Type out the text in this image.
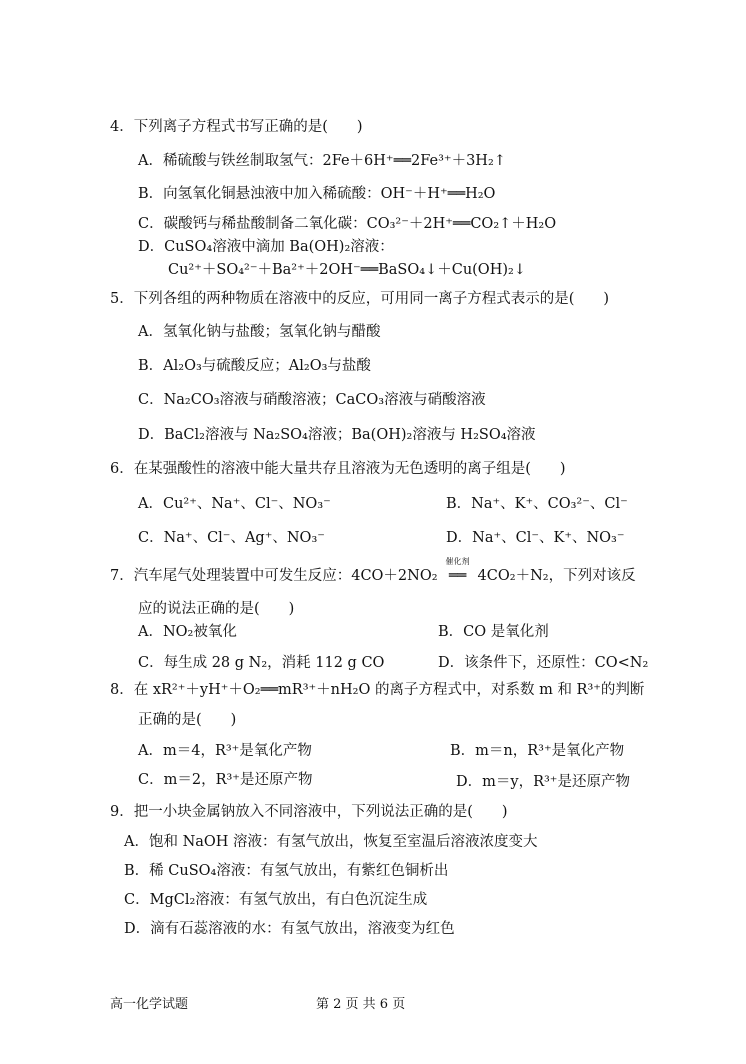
4．下列离子方程式书写正确的是(　　)
A．稀硫酸与铁丝制取氢气：2Fe＋6H⁺══2Fe³⁺＋3H₂↑
B．向氢氧化铜悬浊液中加入稀硫酸：OH⁻＋H⁺══H₂O
C．碳酸钙与稀盐酸制备二氧化碳：CO₃²⁻＋2H⁺══CO₂↑＋H₂O
D．CuSO₄溶液中滴加 Ba(OH)₂溶液：
Cu²⁺＋SO₄²⁻＋Ba²⁺＋2OH⁻══BaSO₄↓＋Cu(OH)₂↓
5．下列各组的两种物质在溶液中的反应，可用同一离子方程式表示的是(　　)
A．氢氧化钠与盐酸；氢氧化钠与醋酸
B．Al₂O₃与硫酸反应；Al₂O₃与盐酸
C．Na₂CO₃溶液与硝酸溶液；CaCO₃溶液与硝酸溶液
D．BaCl₂溶液与 Na₂SO₄溶液；Ba(OH)₂溶液与 H₂SO₄溶液
6．在某强酸性的溶液中能大量共存且溶液为无色透明的离子组是(　　)
A．Cu²⁺、Na⁺、Cl⁻、NO₃⁻	B．Na⁺、K⁺、CO₃²⁻、Cl⁻
C．Na⁺、Cl⁻、Ag⁺、NO₃⁻	D．Na⁺、Cl⁻、K⁺、NO₃⁻
7．汽车尾气处理装置中可发生反应：4CO＋2NO₂
催化剂
══ 4CO₂＋N₂，下列对该反
应的说法正确的是(　　)
A．NO₂被氧化	B．CO 是氧化剂
C．每生成 28 g N₂，消耗 112 g CO	D．该条件下，还原性：CO<N₂
8．在 xR²⁺＋yH⁺＋O₂══mR³⁺＋nH₂O 的离子方程式中，对系数 m 和 R³⁺的判断
正确的是(　　)
A．m＝4，R³⁺是氧化产物	B．m＝n，R³⁺是氧化产物
C．m＝2，R³⁺是还原产物	D．m＝y，R³⁺是还原产物
9．把一小块金属钠放入不同溶液中，下列说法正确的是(　　)
A．饱和 NaOH 溶液：有氢气放出，恢复至室温后溶液浓度变大
B．稀 CuSO₄溶液：有氢气放出，有紫红色铜析出
C．MgCl₂溶液：有氢气放出，有白色沉淀生成
D．滴有石蕊溶液的水：有氢气放出，溶液变为红色
高一化学试题	第 2 页 共 6 页
